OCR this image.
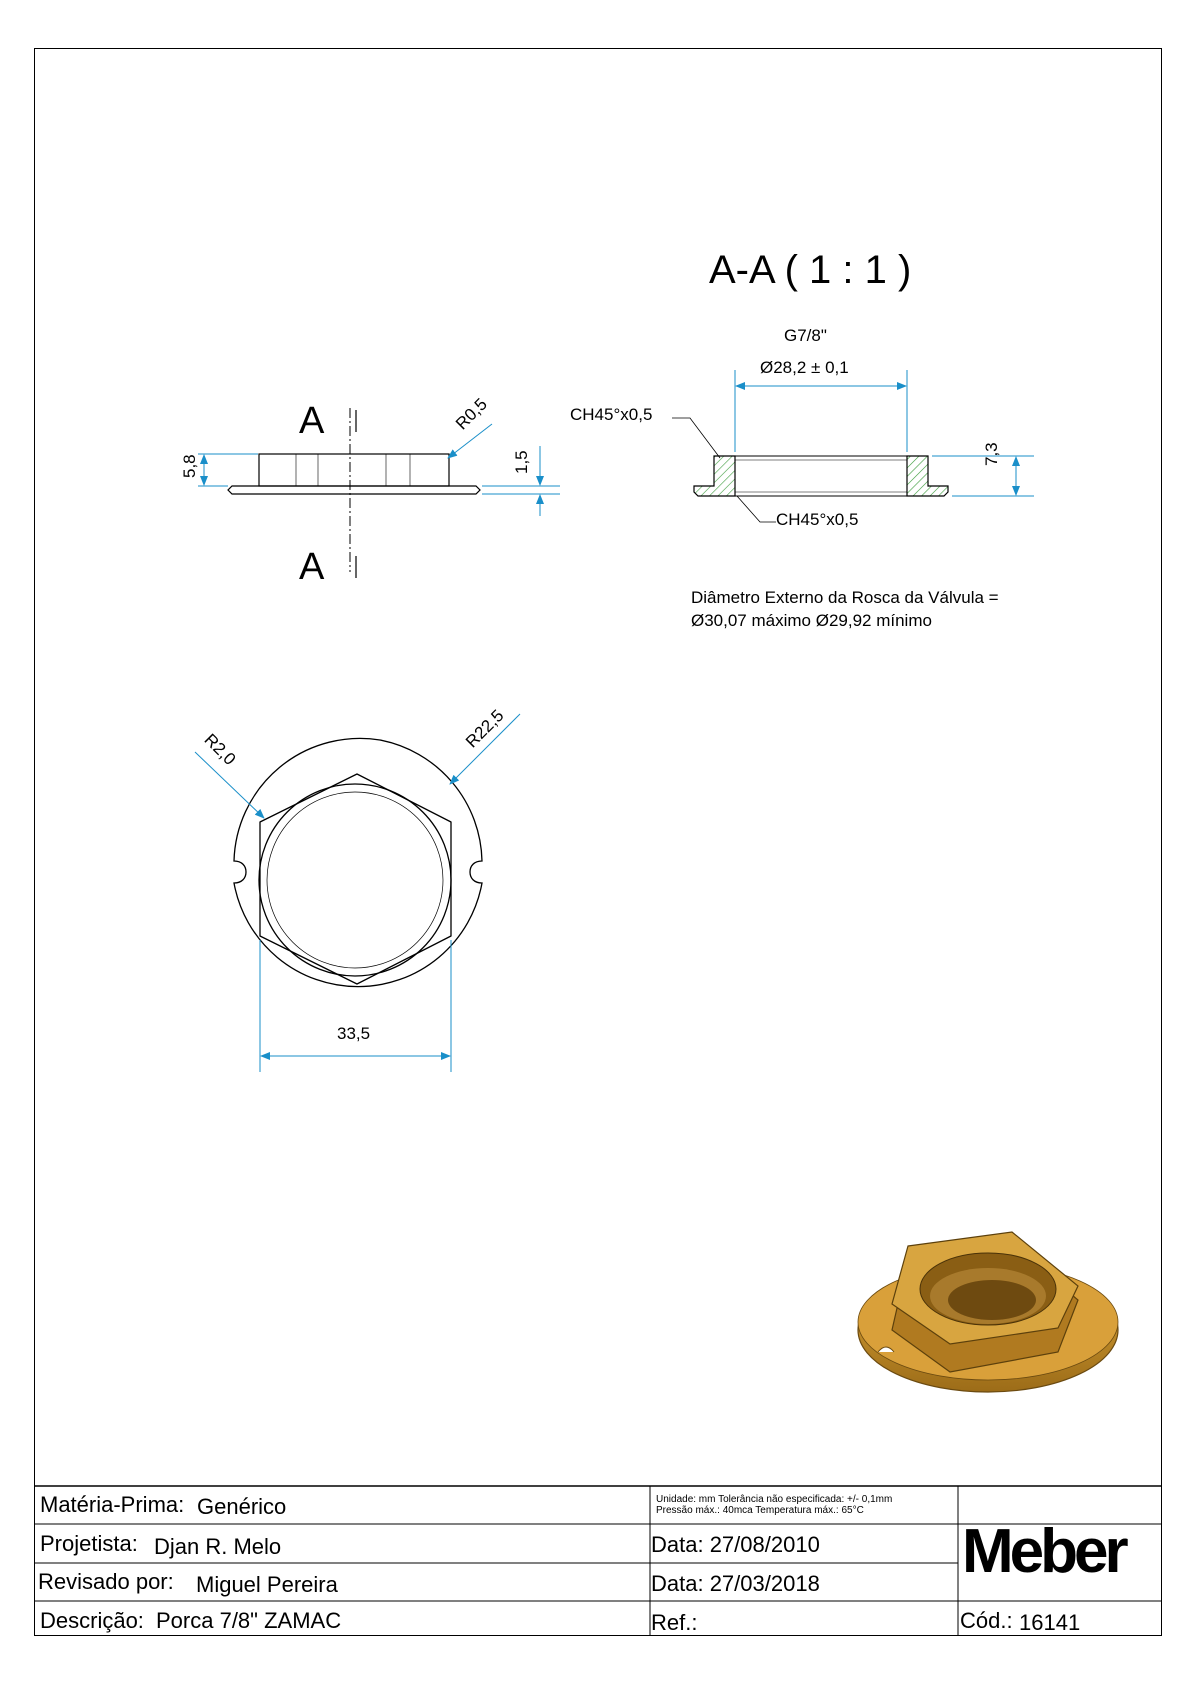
A-A ( 1 : 1 )
G7/8"
Ø28,2 ± 0,1
CH45°x0,5
CH45°x0,5
7,3
Diâmetro Externo da Rosca da Válvula =
Ø30,07 máximo Ø29,92 mínimo
A
A
5,8	1,5
R0,5
R22,5
R2,0
33,5
Matéria-Prima: Genérico
Projetista: Djan R. Melo
Revisado por: Miguel Pereira
Descrição: Porca 7/8" ZAMAC
Unidade: mm Tolerância não especificada: +/- 0,1mm
Pressão máx.: 40mca Temperatura máx.: 65°C
Data: 27/08/2010
Data: 27/03/2018
Ref.:	Cód.: 16141
Meber
